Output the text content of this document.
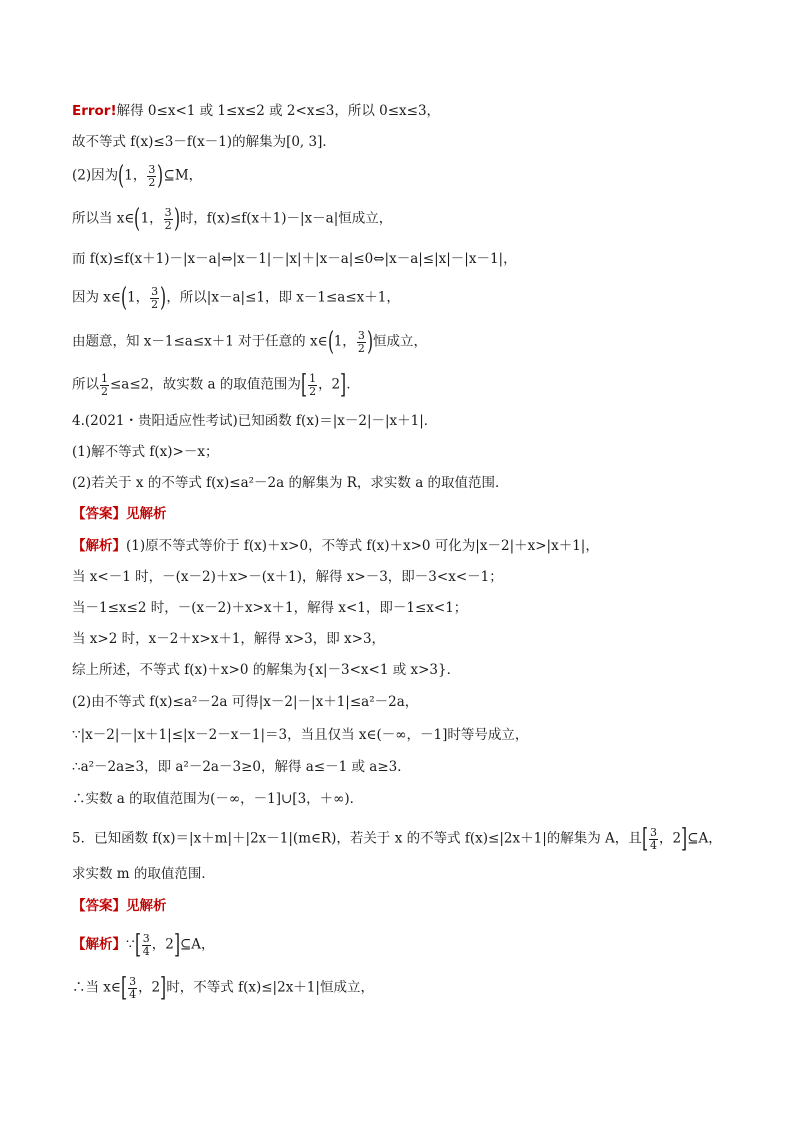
Error!解得 0≤x<1 或 1≤x≤2 或 2<x≤3，所以 0≤x≤3，
故不等式 f(x)≤3－f(x－1)的解集为[0, 3]．
(2)因为(1， $\frac{3}{2}$ )⊆M，
所以当 x∈(1， $\frac{3}{2}$ )时，f(x)≤f(x＋1)－|x－a|恒成立，
而 f(x)≤f(x＋1)－|x－a|⇔|x－1|－|x|＋|x－a|≤0⇔|x－a|≤|x|－|x－1|，
因为 x∈(1， $\frac{3}{2}$ )，所以|x－a|≤1，即 x－1≤a≤x＋1，
由题意，知 x－1≤a≤x＋1 对于任意的 x∈(1， $\frac{3}{2}$ )恒成立，
所以 $\frac{1}{2} \le a\le 2$，故实数 a 的取值范围为[ $\frac{1}{2}$ ，2]．
4.(2021・贵阳适应性考试)已知函数 f(x)＝|x－2|－|x＋1|．
(1)解不等式 f(x)>－x；
(2)若关于 x 的不等式 f(x)≤a²－2a 的解集为 R，求实数 a 的取值范围．
【答案】见解析
【解析】(1)原不等式等价于 f(x)＋x>0，不等式 f(x)＋x>0 可化为|x－2|＋x>|x＋1|，
当 x<－1 时，－(x－2)＋x>－(x＋1)，解得 x>－3，即－3<x<－1；
当－1≤x≤2 时，－(x－2)＋x>x＋1，解得 x<1，即－1≤x<1；
当 x>2 时，x－2＋x>x＋1，解得 x>3，即 x>3，
综上所述，不等式 f(x)＋x>0 的解集为{x|－3<x<1 或 x>3}．
(2)由不等式 f(x)≤a²－2a 可得|x－2|－|x＋1|≤a²－2a，
∵|x－2|－|x＋1|≤|x－2－x－1|＝3，当且仅当 x∈(－∞，－1]时等号成立，
∴a²－2a≥3，即 a²－2a－3≥0，解得 a≤－1 或 a≥3．
∴实数 a 的取值范围为(－∞，－1]∪[3，＋∞)．
5．已知函数 f(x)＝|x＋m|＋|2x－1|(m∈R)，若关于 x 的不等式 f(x)≤|2x＋1|的解集为 A，且[ $\frac{3}{4}$ ，2]⊆A，
求实数 m 的取值范围．
【答案】见解析
【解析】∵[ $\frac{3}{4}$ ，2]⊆A，
∴当 x∈[ $\frac{3}{4}$ ，2]时，不等式 f(x)≤|2x＋1|恒成立，
